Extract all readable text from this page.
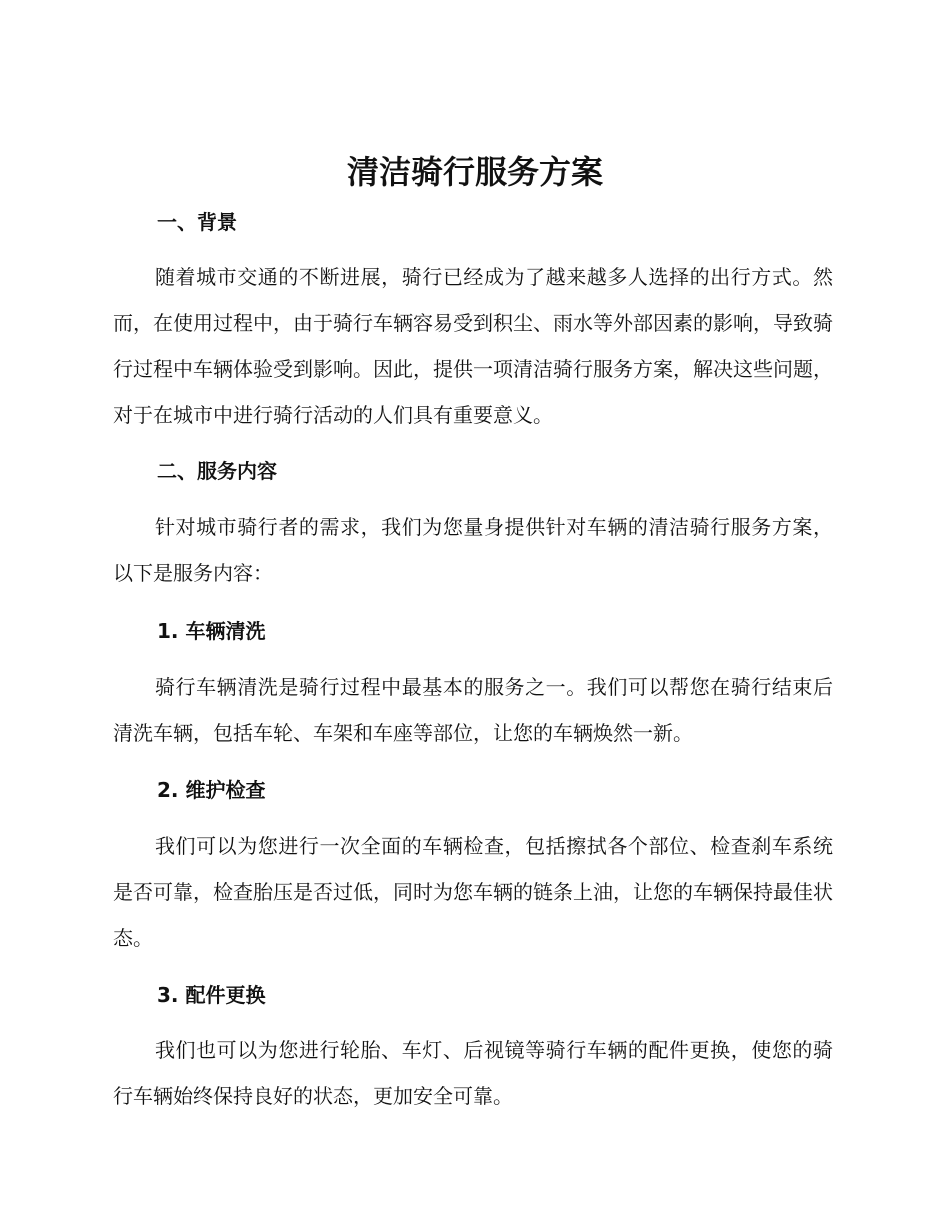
清洁骑行服务方案
一、背景

随着城市交通的不断进展，骑行已经成为了越来越多人选择的出行方式。然而，在使用过程中，由于骑行车辆容易受到积尘、雨水等外部因素的影响，导致骑行过程中车辆体验受到影响。因此，提供一项清洁骑行服务方案，解决这些问题，对于在城市中进行骑行活动的人们具有重要意义。

二、服务内容

针对城市骑行者的需求，我们为您量身提供针对车辆的清洁骑行服务方案，以下是服务内容：

1. 车辆清洗

骑行车辆清洗是骑行过程中最基本的服务之一。我们可以帮您在骑行结束后清洗车辆，包括车轮、车架和车座等部位，让您的车辆焕然一新。

2. 维护检查

我们可以为您进行一次全面的车辆检查，包括擦拭各个部位、检查刹车系统是否可靠，检查胎压是否过低，同时为您车辆的链条上油，让您的车辆保持最佳状态。

3. 配件更换

我们也可以为您进行轮胎、车灯、后视镜等骑行车辆的配件更换，使您的骑行车辆始终保持良好的状态，更加安全可靠。
